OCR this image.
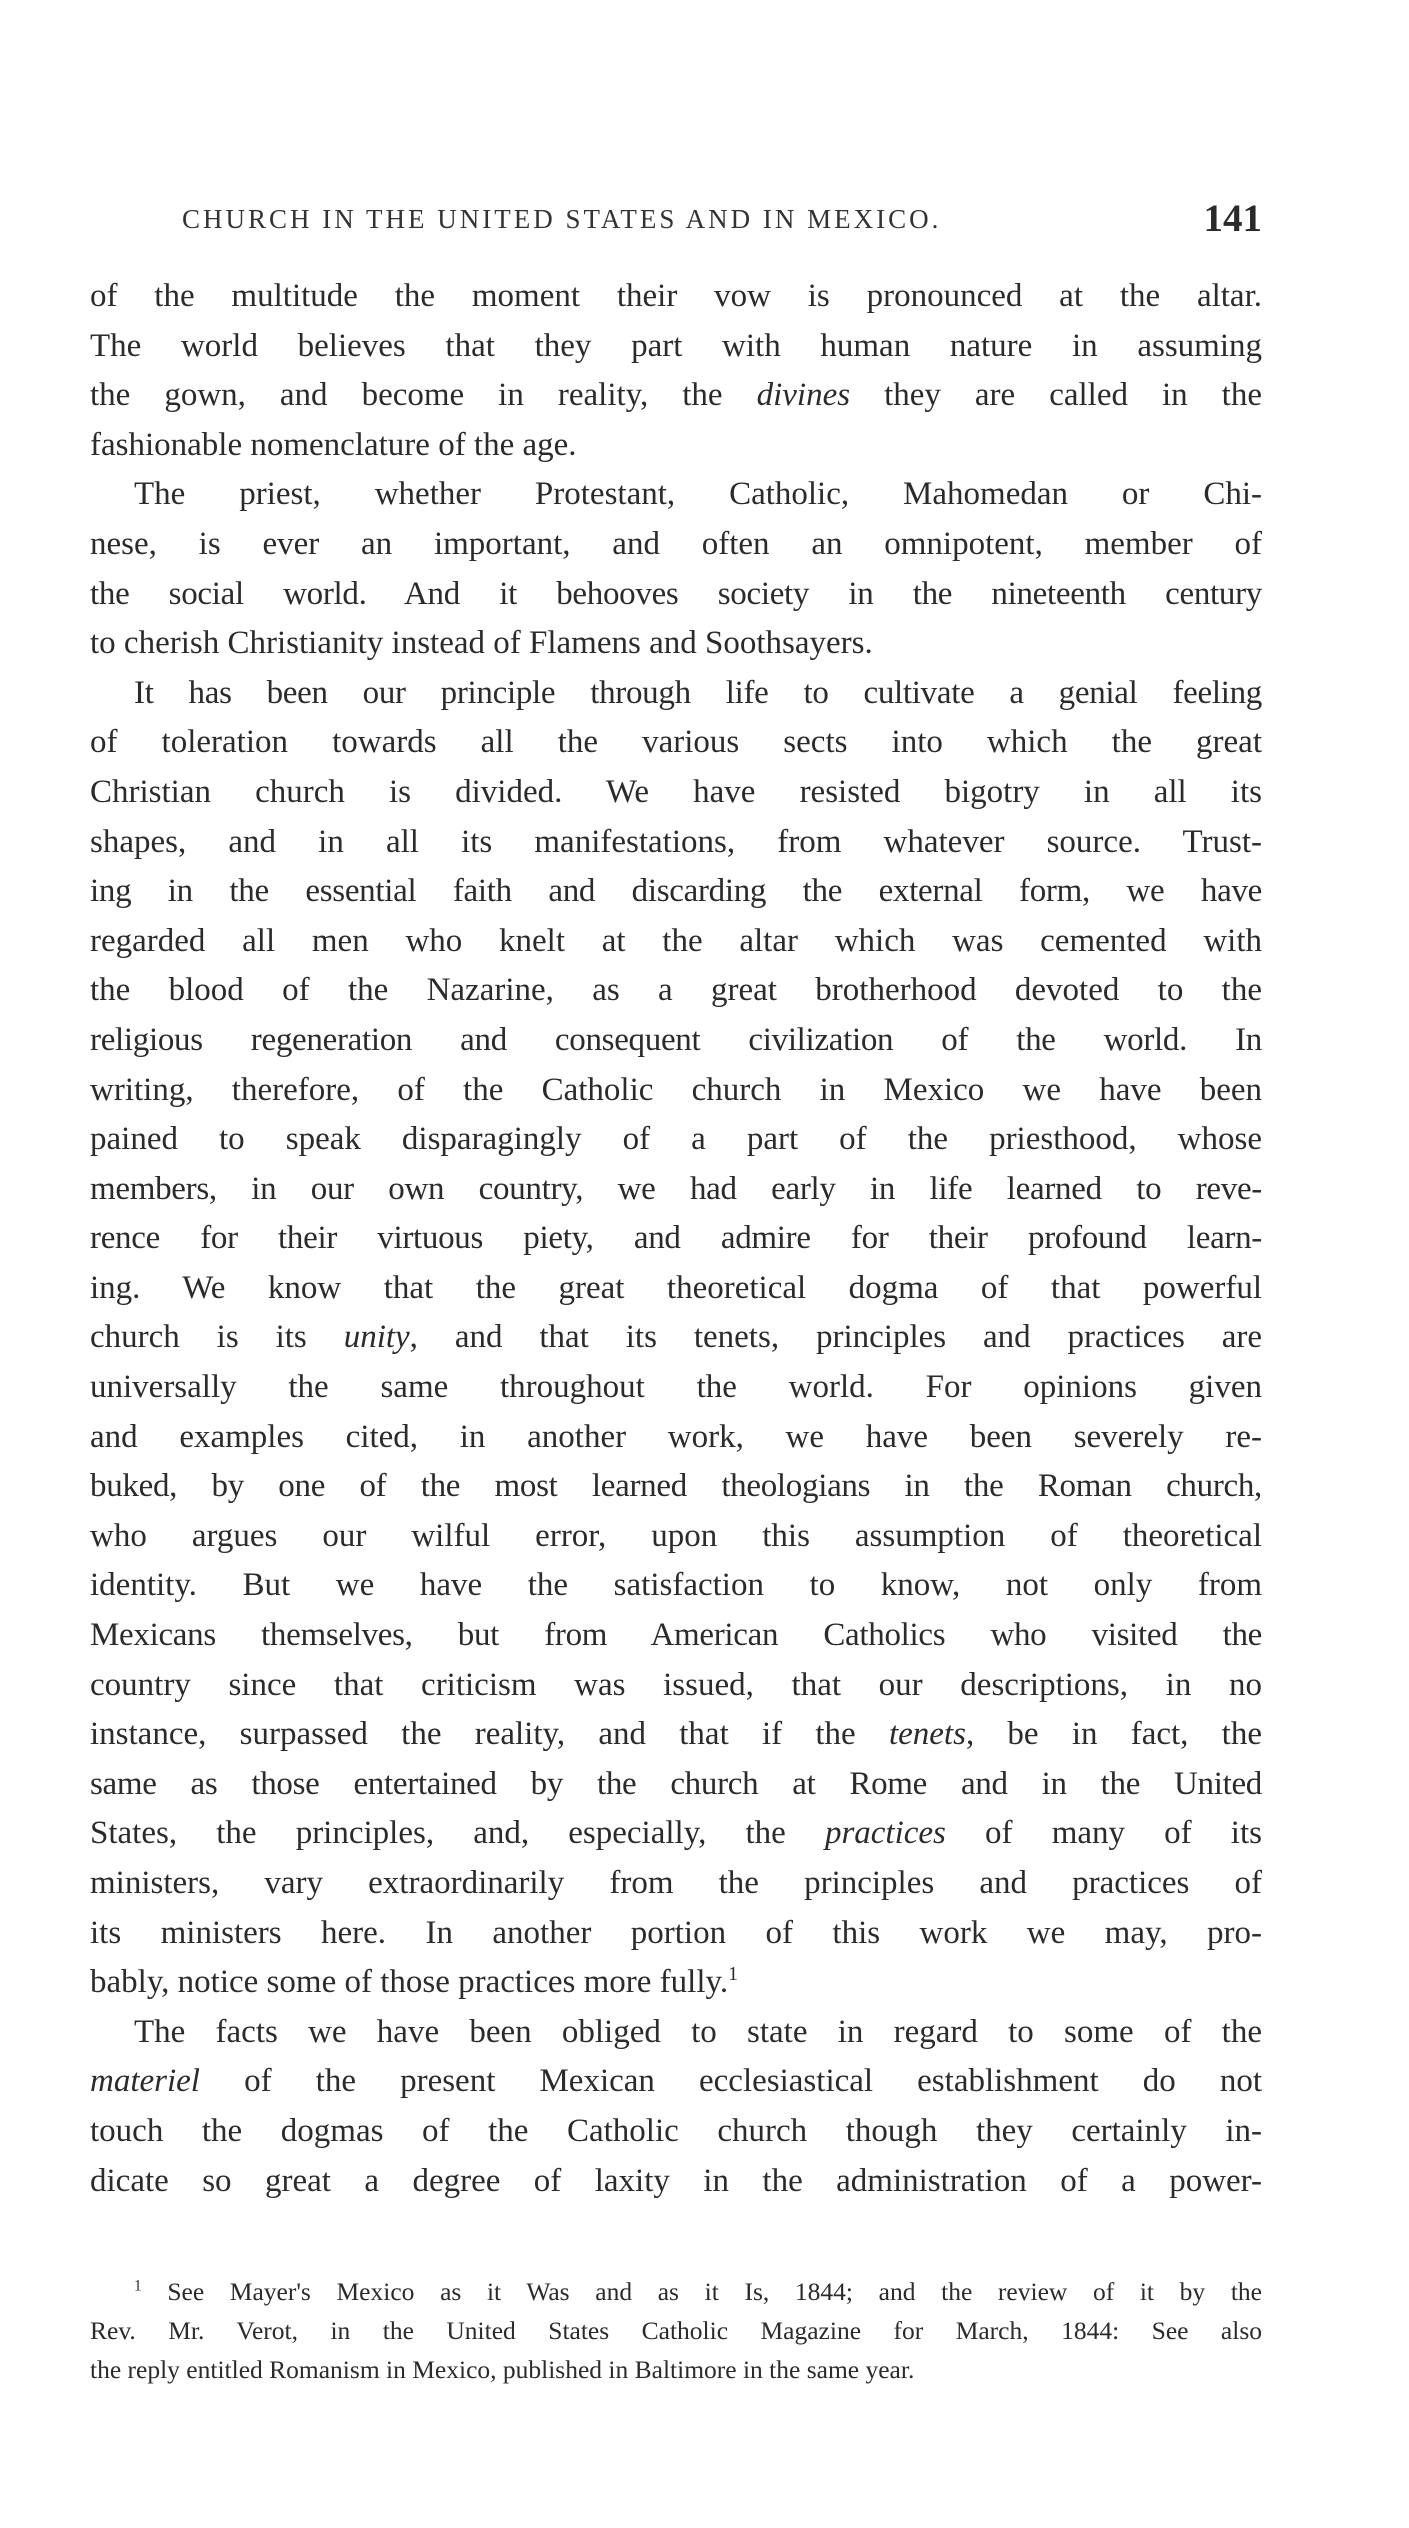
CHURCH IN THE UNITED STATES AND IN MEXICO.	141
of the multitude the moment their vow is pronounced at the altar.
The world believes that they part with human nature in assuming
the gown, and become in reality, the divines they are called in the
fashionable nomenclature of the age.
The priest, whether Protestant, Catholic, Mahomedan or Chi-
nese, is ever an important, and often an omnipotent, member of
the social world. And it behooves society in the nineteenth century
to cherish Christianity instead of Flamens and Soothsayers.
It has been our principle through life to cultivate a genial feeling
of toleration towards all the various sects into which the great
Christian church is divided. We have resisted bigotry in all its
shapes, and in all its manifestations, from whatever source. Trust-
ing in the essential faith and discarding the external form, we have
regarded all men who knelt at the altar which was cemented with
the blood of the Nazarine, as a great brotherhood devoted to the
religious regeneration and consequent civilization of the world. In
writing, therefore, of the Catholic church in Mexico we have been
pained to speak disparagingly of a part of the priesthood, whose
members, in our own country, we had early in life learned to reve-
rence for their virtuous piety, and admire for their profound learn-
ing. We know that the great theoretical dogma of that powerful
church is its unity, and that its tenets, principles and practices are
universally the same throughout the world. For opinions given
and examples cited, in another work, we have been severely re-
buked, by one of the most learned theologians in the Roman church,
who argues our wilful error, upon this assumption of theoretical
identity. But we have the satisfaction to know, not only from
Mexicans themselves, but from American Catholics who visited the
country since that criticism was issued, that our descriptions, in no
instance, surpassed the reality, and that if the tenets, be in fact, the
same as those entertained by the church at Rome and in the United
States, the principles, and, especially, the practices of many of its
ministers, vary extraordinarily from the principles and practices of
its ministers here. In another portion of this work we may, pro-
bably, notice some of those practices more fully.$^1$
The facts we have been obliged to state in regard to some of the
materiel of the present Mexican ecclesiastical establishment do not
touch the dogmas of the Catholic church though they certainly in-
dicate so great a degree of laxity in the administration of a power-
$^1$ See Mayer's Mexico as it Was and as it Is, 1844; and the review of it by the
Rev. Mr. Verot, in the United States Catholic Magazine for March, 1844: See also
the reply entitled Romanism in Mexico, published in Baltimore in the same year.
